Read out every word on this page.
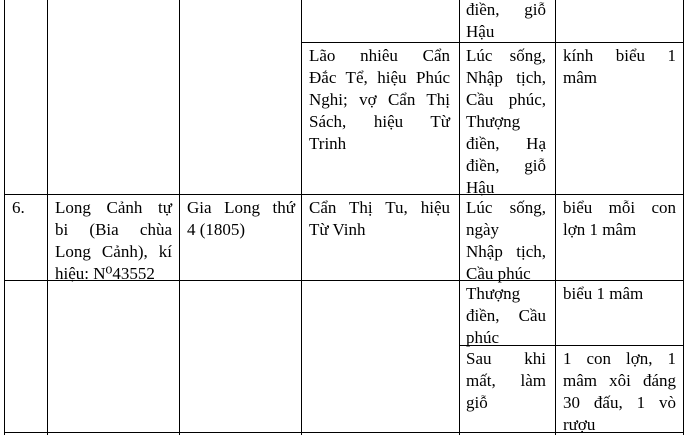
điền, giỗ
Hậu
Lão nhiêu Cẩn
Đắc Tể, hiệu Phúc
Nghi; vợ Cẩn Thị
Sách, hiệu Từ
Trinh
Lúc sống,
Nhập tịch,
Cầu phúc,
Thượng
điền, Hạ
điền, giỗ
Hậu
kính biểu 1
mâm
6.	Long Cảnh tự
bi (Bia chùa
Long Cảnh), kí
hiệu: N⁰43552
Gia Long thứ
4 (1805)
Cẩn Thị Tu, hiệu
Từ Vinh
Lúc sống,
ngày
Nhập tịch,
Cầu phúc
biểu mỗi con
lợn 1 mâm
Thượng
điền, Cầu
phúc
biểu 1 mâm
Sau khi
mất, làm
giỗ
1 con lợn, 1
mâm xôi đáng
30 đấu, 1 vò
rượu
